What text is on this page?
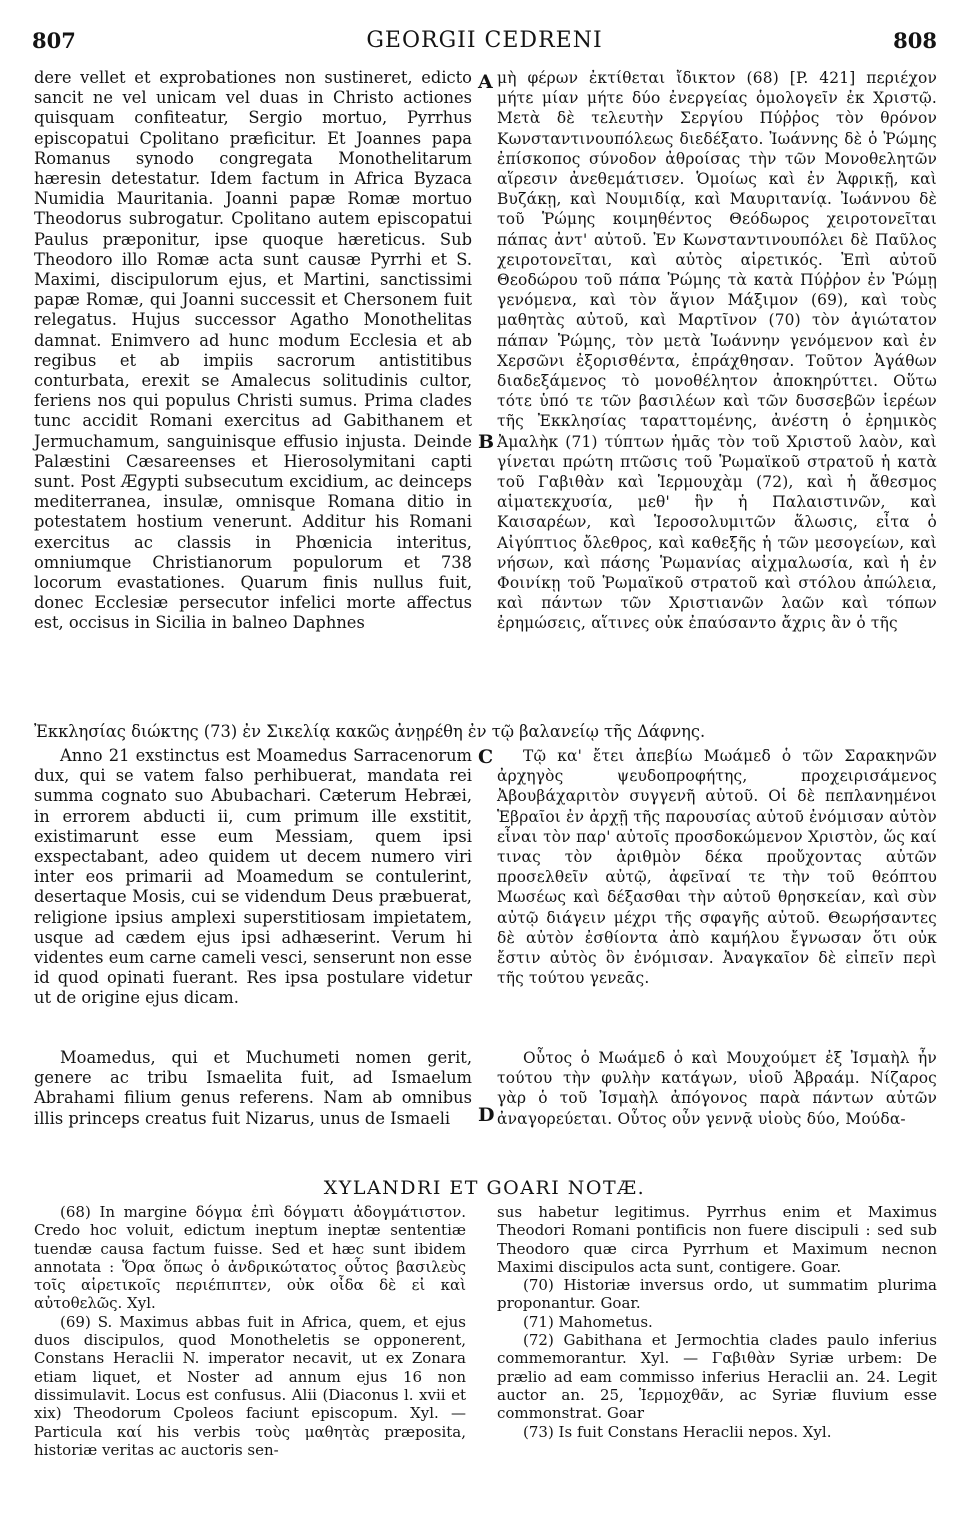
807	GEORGII CEDRENI	808
A
B
C
D

dere vellet et exprobationes non sustineret, edicto sancit ne vel unicam vel duas in Christo actiones quisquam confiteatur, Sergio mortuo, Pyrrhus episcopatui Cpolitano præficitur. Et Joannes papa Romanus synodo congregata Monothelitarum hæresin detestatur. Idem factum in Africa Byzaca Numidia Mauritania. Joanni papæ Romæ mortuo Theodorus subrogatur. Cpolitano autem episcopatui Paulus præponitur, ipse quoque hæreticus. Sub Theodoro illo Romæ acta sunt causæ Pyrrhi et S. Maximi, discipulorum ejus, et Martini, sanctissimi papæ Romæ, qui Joanni successit et Chersonem fuit relegatus. Hujus successor Agatho Monothelitas damnat. Enimvero ad hunc modum Ecclesia et ab regibus et ab impiis sacrorum antistitibus conturbata, erexit se Amalecus solitudinis cultor, feriens nos qui populus Christi sumus. Prima clades tunc accidit Romani exercitus ad Gabithanem et Jermuchamum, sanguinisque effusio injusta. Deinde Palæstini Cæsareenses et Hierosolymitani capti sunt. Post Ægypti subsecutum excidium, ac deinceps mediterranea, insulæ, omnisque Romana ditio in potestatem hostium venerunt. Additur his Romani exercitus ac classis in Phœnicia interitus, omniumque Christianorum populorum et 738 locorum evastationes. Quarum finis nullus fuit, donec Ecclesiæ persecutor infelici morte affectus est, occisus in Sicilia in balneo Daphnes

μὴ φέρων ἐκτίθεται ἴδικτον (68) [P. 421] περιέχον μήτε μίαν μήτε δύο ἐνεργείας ὁμολογεῖν ἐκ Χριστῷ. Μετὰ δὲ τελευτὴν Σεργίου Πύῤῥος τὸν θρόνον Κωνσταντινουπόλεως διεδέξατο. Ἰωάννης δὲ ὁ Ῥώμης ἐπίσκοπος σύνοδον ἀθροίσας τὴν τῶν Μονοθελητῶν αἵρεσιν ἀνεθεμάτισεν. Ὁμοίως καὶ ἐν Ἀφρικῇ, καὶ Βυζάκῃ, καὶ Νουμιδίᾳ, καὶ Μαυριτανίᾳ. Ἰωάννου δὲ τοῦ Ῥώμης κοιμηθέντος Θεόδωρος χειροτονεῖται πάπας ἀντ' αὐτοῦ. Ἐν Κωνσταντινουπόλει δὲ Παῦλος χειροτονεῖται, καὶ αὐτὸς αἱρετικός. Ἐπὶ αὐτοῦ Θεοδώρου τοῦ πάπα Ῥώμης τὰ κατὰ Πύῤῥον ἐν Ῥώμῃ γενόμενα, καὶ τὸν ἅγιον Μάξιμον (69), καὶ τοὺς μαθητὰς αὐτοῦ, καὶ Μαρτῖνον (70) τὸν ἁγιώτατον πάπαν Ῥώμης, τὸν μετὰ Ἰωάννην γενόμενον καὶ ἐν Χερσῶνι ἐξορισθέντα, ἐπράχθησαν. Τοῦτον Ἀγάθων διαδεξάμενος τὸ μονοθέλητον ἀποκηρύττει. Οὕτω τότε ὑπό τε τῶν βασιλέων καὶ τῶν δυσσεβῶν ἱερέων τῆς Ἐκκλησίας ταραττομένης, ἀνέστη ὁ ἐρημικὸς Ἀμαλὴκ (71) τύπτων ἡμᾶς τὸν τοῦ Χριστοῦ λαὸν, καὶ γίνεται πρώτη πτῶσις τοῦ Ῥωμαϊκοῦ στρατοῦ ἡ κατὰ τοῦ Γαβιθὰν καὶ Ἱερμουχὰμ (72), καὶ ἡ ἄθεσμος αἱματεκχυσία, μεθ' ἣν ἡ Παλαιστινῶν, καὶ Καισαρέων, καὶ Ἱεροσολυμιτῶν ἅλωσις, εἶτα ὁ Αἰγύπτιος ὄλεθρος, καὶ καθεξῆς ἡ τῶν μεσογείων, καὶ νήσων, καὶ πάσης Ῥωμανίας αἰχμαλωσία, καὶ ἡ ἐν Φοινίκῃ τοῦ Ῥωμαϊκοῦ στρατοῦ καὶ στόλου ἀπώλεια, καὶ πάντων τῶν Χριστιανῶν λαῶν καὶ τόπων ἐρημώσεις, αἵτινες οὐκ ἐπαύσαντο ἄχρις ἂν ὁ τῆς

Ἐκκλησίας διώκτης (73) ἐν Σικελίᾳ κακῶς ἀνῃρέθη ἐν τῷ βαλανείῳ τῆς Δάφνης.

Anno 21 exstinctus est Moamedus Sarracenorum dux, qui se vatem falso perhibuerat, mandata rei summa cognato suo Abubachari. Cæterum Hebræi, in errorem abducti ii, cum primum ille exstitit, existimarunt esse eum Messiam, quem ipsi exspectabant, adeo quidem ut decem numero viri inter eos primarii ad Moamedum se contulerint, desertaque Mosis, cui se videndum Deus præbuerat, religione ipsius amplexi superstitiosam impietatem, usque ad cædem ejus ipsi adhæserint. Verum hi videntes eum carne cameli vesci, senserunt non esse id quod opinati fuerant. Res ipsa postulare videtur ut de origine ejus dicam.

Τῷ κα' ἔτει ἀπεβίω Μωάμεδ ὁ τῶν Σαρακηνῶν ἀρχηγὸς ψευδοπροφήτης, προχειρισάμενος Ἀβουβάχαριτὸν συγγενῆ αὐτοῦ. Οἱ δὲ πεπλανημένοι Ἑβραῖοι ἐν ἀρχῇ τῆς παρουσίας αὐτοῦ ἐνόμισαν αὐτὸν εἶναι τὸν παρ' αὐτοῖς προσδοκώμενον Χριστὸν, ὥς καί τινας τὸν ἀριθμὸν δέκα προὔχοντας αὐτῶν προσελθεῖν αὐτῷ, ἀφεῖναί τε τὴν τοῦ θεόπτου Μωσέως καὶ δέξασθαι τὴν αὐτοῦ θρησκείαν, καὶ σὺν αὐτῷ διάγειν μέχρι τῆς σφαγῆς αὐτοῦ. Θεωρήσαντες δὲ αὐτὸν ἐσθίοντα ἀπὸ καμήλου ἔγνωσαν ὅτι οὐκ ἔστιν αὐτὸς ὃν ἐνόμισαν. Ἀναγκαῖον δὲ εἰπεῖν περὶ τῆς τούτου γενεᾶς.

Moamedus, qui et Muchumeti nomen gerit, genere ac tribu Ismaelita fuit, ad Ismaelum Abrahami filium genus referens. Nam ab omnibus illis princeps creatus fuit Nizarus, unus de Ismaeli

Οὗτος ὁ Μωάμεδ ὁ καὶ Μουχούμετ ἐξ Ἰσμαὴλ ἦν τούτου τὴν φυλὴν κατάγων, υἱοῦ Ἀβραάμ. Νίζαρος γὰρ ὁ τοῦ Ἰσμαὴλ ἀπόγονος παρὰ πάντων αὐτῶν ἀναγορεύεται. Οὗτος οὖν γεννᾷ υἱοὺς δύο, Μούδα-

XYLANDRI ET GOARI NOTÆ.

(68) In margine δόγμα ἐπὶ δόγματι ἀδογμάτιστον. Credo hoc voluit, edictum ineptum ineptæ sententiæ tuendæ causa factum fuisse. Sed et hæc sunt ibidem annotata : Ὅρα ὅπως ὁ ἀνδρικώτατος οὗτος βασιλεὺς τοῖς αἱρετικοῖς περιέπιπτεν, οὐκ οἶδα δὲ εἰ καὶ αὐτοθελῶς. Xyl.

(69) S. Maximus abbas fuit in Africa, quem, et ejus duos discipulos, quod Monotheletis se opponerent, Constans Heraclii N. imperator necavit, ut ex Zonara etiam liquet, et Noster ad annum ejus 16 non dissimulavit. Locus est confusus. Alii (Diaconus l. xvii et xix) Theodorum Cpoleos faciunt episcopum. Xyl. — Particula καί his verbis τοὺς μαθητὰς præposita, historiæ veritas ac auctoris sen-

sus habetur legitimus. Pyrrhus enim et Maximus Theodori Romani pontificis non fuere discipuli : sed sub Theodoro quæ circa Pyrrhum et Maximum necnon Maximi discipulos acta sunt, contigere. Goar.

(70) Historiæ inversus ordo, ut summatim plurima proponantur. Goar.

(71) Mahometus.

(72) Gabithana et Jermochtia clades paulo inferius commemorantur. Xyl. — Γαβιθὰν Syriæ urbem: De prælio ad eam commisso inferius Heraclii an. 24. Legit auctor an. 25, Ἱερμοχθᾶν, ac Syriæ fluvium esse commonstrat. Goar

(73) Is fuit Constans Heraclii nepos. Xyl.
